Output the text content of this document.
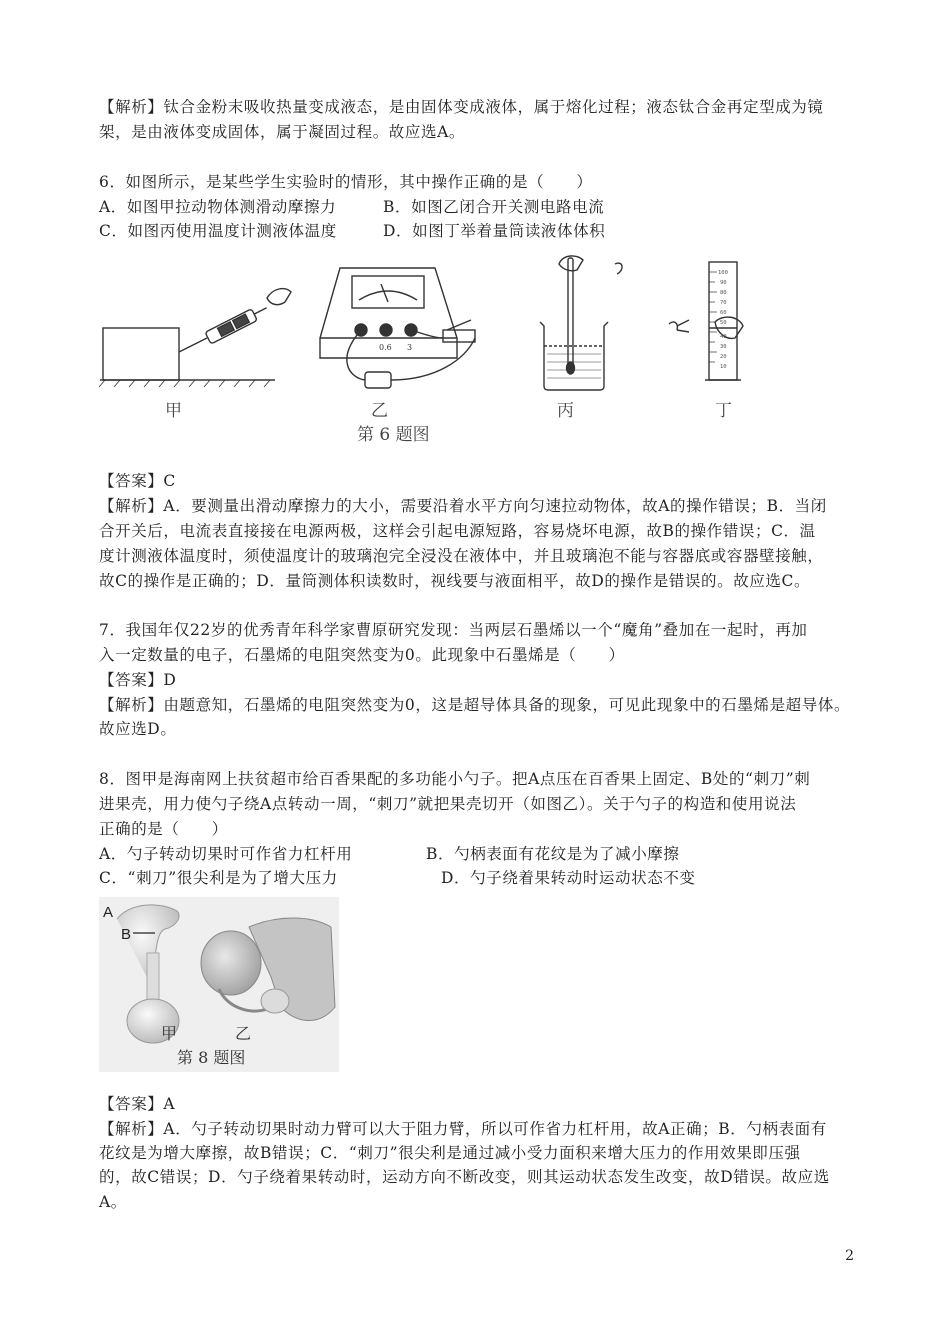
【解析】钛合金粉末吸收热量变成液态，是由固体变成液体，属于熔化过程；液态钛合金再定型成为镜
架，是由液体变成固体，属于凝固过程。故应选A。
6．如图所示，是某些学生实验时的情形，其中操作正确的是（　　）
A．如图甲拉动物体测滑动摩擦力	B．如图乙闭合开关测电路电流
C．如图丙使用温度计测液体温度	D．如图丁举着量筒读液体体积
0.6 3
100
90
80
70
60
50
40
30
20
10
甲	乙	丙	丁
第 6 题图
【答案】C
【解析】A．要测量出滑动摩擦力的大小，需要沿着水平方向匀速拉动物体，故A的操作错误；B．当闭
合开关后，电流表直接接在电源两极，这样会引起电源短路，容易烧坏电源，故B的操作错误；C．温
度计测液体温度时，须使温度计的玻璃泡完全浸没在液体中，并且玻璃泡不能与容器底或容器壁接触，
故C的操作是正确的；D．量筒测体积读数时，视线要与液面相平，故D的操作是错误的。故应选C。
7．我国年仅22岁的优秀青年科学家曹原研究发现：当两层石墨烯以一个“魔角”叠加在一起时，再加
入一定数量的电子，石墨烯的电阻突然变为0。此现象中石墨烯是（　　）
【答案】D
【解析】由题意知，石墨烯的电阻突然变为0，这是超导体具备的现象，可见此现象中的石墨烯是超导体。
故应选D。
8．图甲是海南网上扶贫超市给百香果配的多功能小勺子。把A点压在百香果上固定、B处的“刺刀”刺
进果壳，用力使勺子绕A点转动一周，“刺刀”就把果壳切开（如图乙）。关于勺子的构造和使用说法
正确的是（　　）
A．勺子转动切果时可作省力杠杆用	B．勺柄表面有花纹是为了减小摩擦
C．“刺刀”很尖利是为了增大压力	D．勺子绕着果转动时运动状态不变
A
B
甲	乙
第 8 题图
【答案】A
【解析】A．勺子转动切果时动力臂可以大于阻力臂，所以可作省力杠杆用，故A正确；B．勺柄表面有
花纹是为增大摩擦，故B错误；C．“刺刀”很尖利是通过减小受力面积来增大压力的作用效果即压强
的，故C错误；D．勺子绕着果转动时，运动方向不断改变，则其运动状态发生改变，故D错误。故应选
A。
2
